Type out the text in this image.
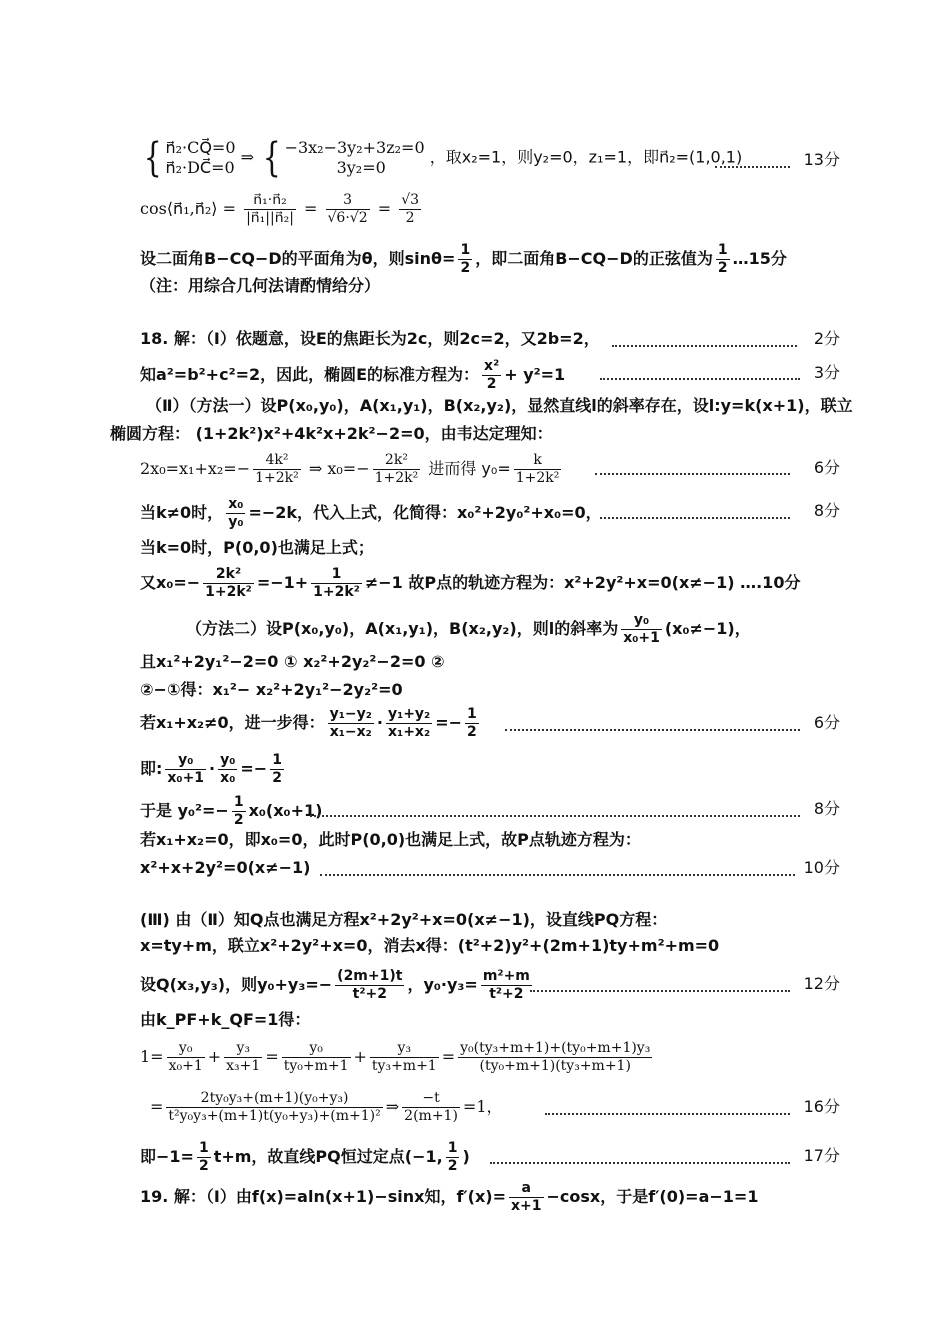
{ n⃗₂·CQ⃗=0
n⃗₂·DC⃗=0
⇒ { −3x₂−3y₂+3z₂=0
3y₂=0
，取x₂=1，则y₂=0，z₁=1，即n⃗₂=(1,0,1)	13分
cos⟨n⃗₁,n⃗₂⟩ = $\frac{\text{n⃗₁·n⃗₂}}{\text{|n⃗₁||n⃗₂|}} = \frac{3}{√6\cdot√2} = \frac{√3}{2}$
设二面角B−CQ−D的平面角为θ，则$\sin\theta= \frac{1}{2}$ ，即二面角B−CQ−D的正弦值为 $\frac{1}{2}$ …15分
（注：用综合几何法请酌情给分）
18. 解：（Ⅰ）依题意，设E的焦距长为2c，则2c=2，又2b=2，	2分
知a²=b²+c²=2，因此，椭圆E的标准方程为： $\frac{\text{x²}}{2} + y^2=1$	3分
（Ⅱ）（方法一）设P(x₀,y₀)，A(x₁,y₁)，B(x₂,y₂)，显然直线l的斜率存在，设l:y=k(x+1)，联立
椭圆方程： (1+2k²)x²+4k²x+2k²−2=0，由韦达定理知：
$2x_0=x_1+x_2=- \frac{\text{4k²}}{\text{1+2k²}}$ ⇒ $x_0=- \frac{\text{2k²}}{\text{1+2k²}}$ 进而得 $y_0= \frac{k}{\text{1+2k²}}$	6分
当k≠0时， $\frac{\text{x₀}}{\text{y₀}} =-2k$，代入上式，化简得：x₀²+2y₀²+x₀=0，	8分
当k=0时，P(0,0)也满足上式；
又$x_0=- \frac{\text{2k²}}{\text{1+2k²}} =-1+ \frac{1}{\text{1+2k²}} \ne-1$ 故P点的轨迹方程为：x²+2y²+x=0(x≠−1) ….10分
（方法二）设P(x₀,y₀)，A(x₁,y₁)，B(x₂,y₂)，则l的斜率为 $\frac{\text{y₀}}{\text{x₀+1}} (x_0\ne-1)$，
且x₁²+2y₁²−2=0 ① x₂²+2y₂²−2=0 ②
②−①得：x₁²− x₂²+2y₁²−2y₂²=0
若x₁+x₂≠0，进一步得： $\frac{\text{y₁−y₂}}{\text{x₁−x₂}} \cdot \frac{\text{y₁+y₂}}{\text{x₁+x₂}} =- \frac{1}{2}$	6分
即: $\frac{\text{y₀}}{\text{x₀+1}} \cdot \frac{\text{y₀}}{\text{x₀}} =- \frac{1}{2}$
于是 $y_0^2=- \frac{1}{2} x_0(x_0+1)$	8分
若x₁+x₂=0，即x₀=0，此时P(0,0)也满足上式，故P点轨迹方程为：
x²+x+2y²=0(x≠−1)	10分
(Ⅲ) 由（Ⅱ）知Q点也满足方程x²+2y²+x=0(x≠−1)，设直线PQ方程：
x=ty+m，联立x²+2y²+x=0，消去x得：(t²+2)y²+(2m+1)ty+m²+m=0
设Q(x₃,y₃)，则$y_0+y_3=- \frac{(2m+1)t}{\text{t²+2}}$ ，$y_0\cdot y_3= \frac{\text{m²+m}}{\text{t²+2}}$	12分
由k_PF+k_QF=1得：
$1= \frac{\text{y₀}}{\text{x₀+1}} + \frac{\text{y₃}}{\text{x₃+1}} = \frac{\text{y₀}}{\text{ty₀+m+1}} + \frac{\text{y₃}}{\text{ty₃+m+1}} = \frac{\text{y₀(ty₃+m+1)+(ty₀+m+1)y₃}}{\text{(ty₀+m+1)(ty₃+m+1)}}$
= $\frac{\text{2ty₀y₃+(m+1)(y₀+y₃)}}{\text{t²y₀y₃+(m+1)t(y₀+y₃)+(m+1)²}}$ ⇒ $\frac{-t}{2(m+1)} =1$，	16分
即$-1= \frac{1}{2} t+m$，故直线PQ恒过定点(−1, $\frac{1}{2}$ )	17分
19. 解：（Ⅰ）由f(x)=aln(x+1)−sinx知，$f'(x)= \frac{a}{x+1} -\cos x$，于是f′(0)=a−1=1
